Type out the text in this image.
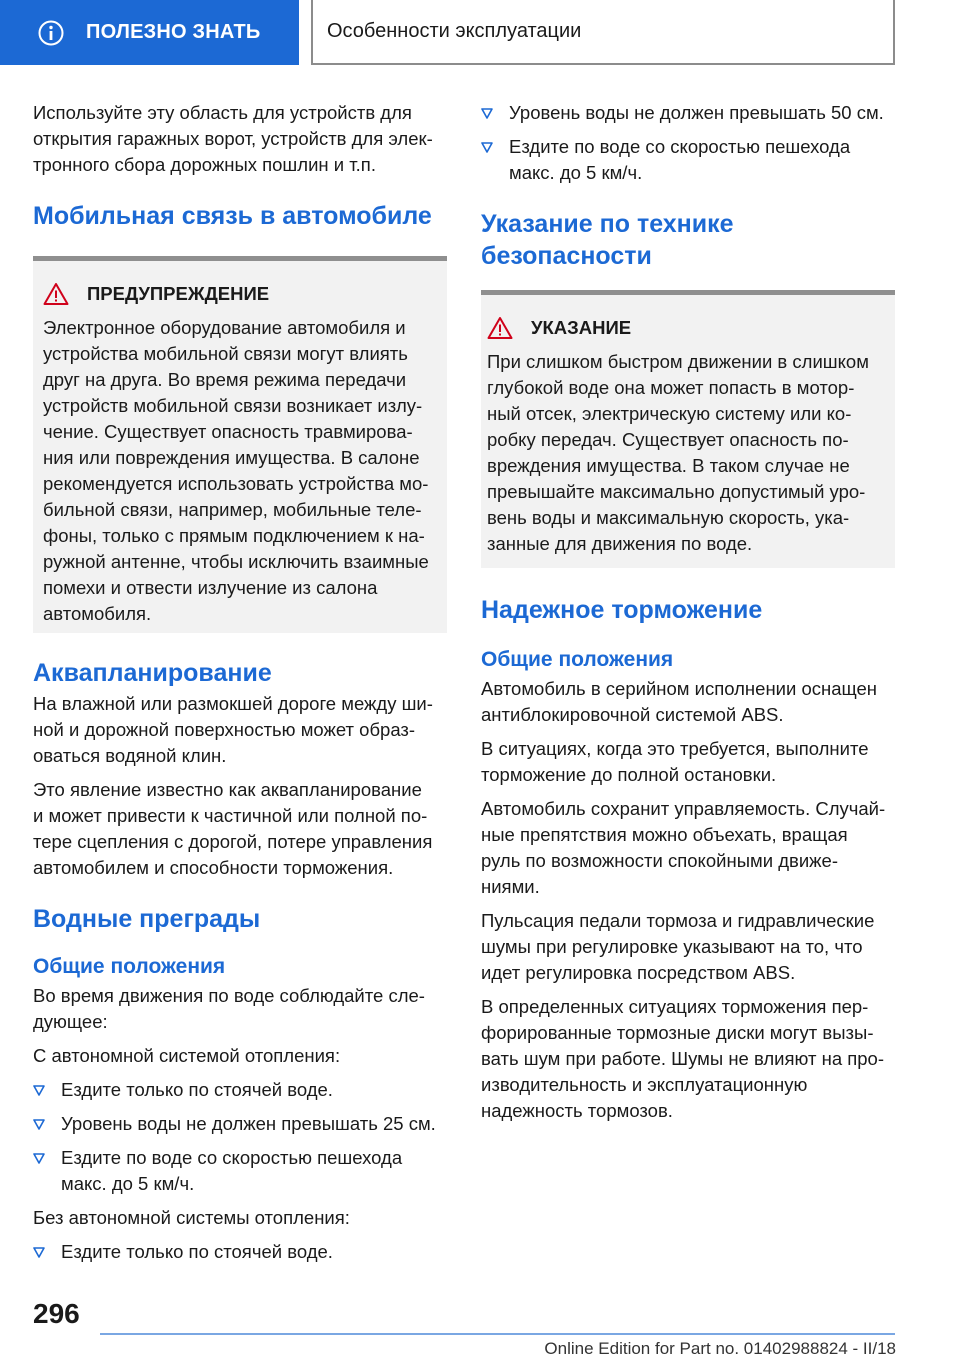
ПОЛЕЗНО ЗНАТЬ	Особенности эксплуатации

Используйте эту область для устройств для
открытия гаражных ворот, устройств для элек-
тронного сбора дорожных пошлин и т.п.

Мобильная связь в автомобиле
ПРЕДУПРЕЖДЕНИЕ

Электронное оборудование автомобиля и
устройства мобильной связи могут влиять
друг на друга. Во время режима передачи
устройств мобильной связи возникает излу-
чение. Существует опасность травмирова-
ния или повреждения имущества. В салоне
рекомендуется использовать устройства мо-
бильной связи, например, мобильные теле-
фоны, только с прямым подключением к на-
ружной антенне, чтобы исключить взаимные
помехи и отвести излучение из салона
автомобиля.

Аквапланирование

На влажной или размокшей дороге между ши-
ной и дорожной поверхностью может образ-
оваться водяной клин.

Это явление известно как аквапланирование
и может привести к частичной или полной по-
тере сцепления с дорогой, потере управления
автомобилем и способности торможения.

Водные преграды
Общие положения

Во время движения по воде соблюдайте сле-
дующее:

С автономной системой отопления:

Ездите только по стоячей воде.
Уровень воды не должен превышать 25 см.
Ездите по воде со скоростью пешехода
макс. до 5 км/ч.

Без автономной системы отопления:

Ездите только по стоячей воде.
Уровень воды не должен превышать 50 см.
Ездите по воде со скоростью пешехода
макс. до 5 км/ч.
Указание по технике безопасности
УКАЗАНИЕ

При слишком быстром движении в слишком
глубокой воде она может попасть в мотор-
ный отсек, электрическую систему или ко-
робку передач. Существует опасность по-
вреждения имущества. В таком случае не
превышайте максимально допустимый уро-
вень воды и максимальную скорость, ука-
занные для движения по воде.

Надежное торможение
Общие положения

Автомобиль в серийном исполнении оснащен
антиблокировочной системой ABS.

В ситуациях, когда это требуется, выполните
торможение до полной остановки.

Автомобиль сохранит управляемость. Случай-
ные препятствия можно объехать, вращая
руль по возможности спокойными движе-
ниями.

Пульсация педали тормоза и гидравлические
шумы при регулировке указывают на то, что
идет регулировка посредством ABS.

В определенных ситуациях торможения пер-
форированные тормозные диски могут вызы-
вать шум при работе. Шумы не влияют на про-
изводительность и эксплуатационную
надежность тормозов.

296
Online Edition for Part no. 01402988824 - II/18
